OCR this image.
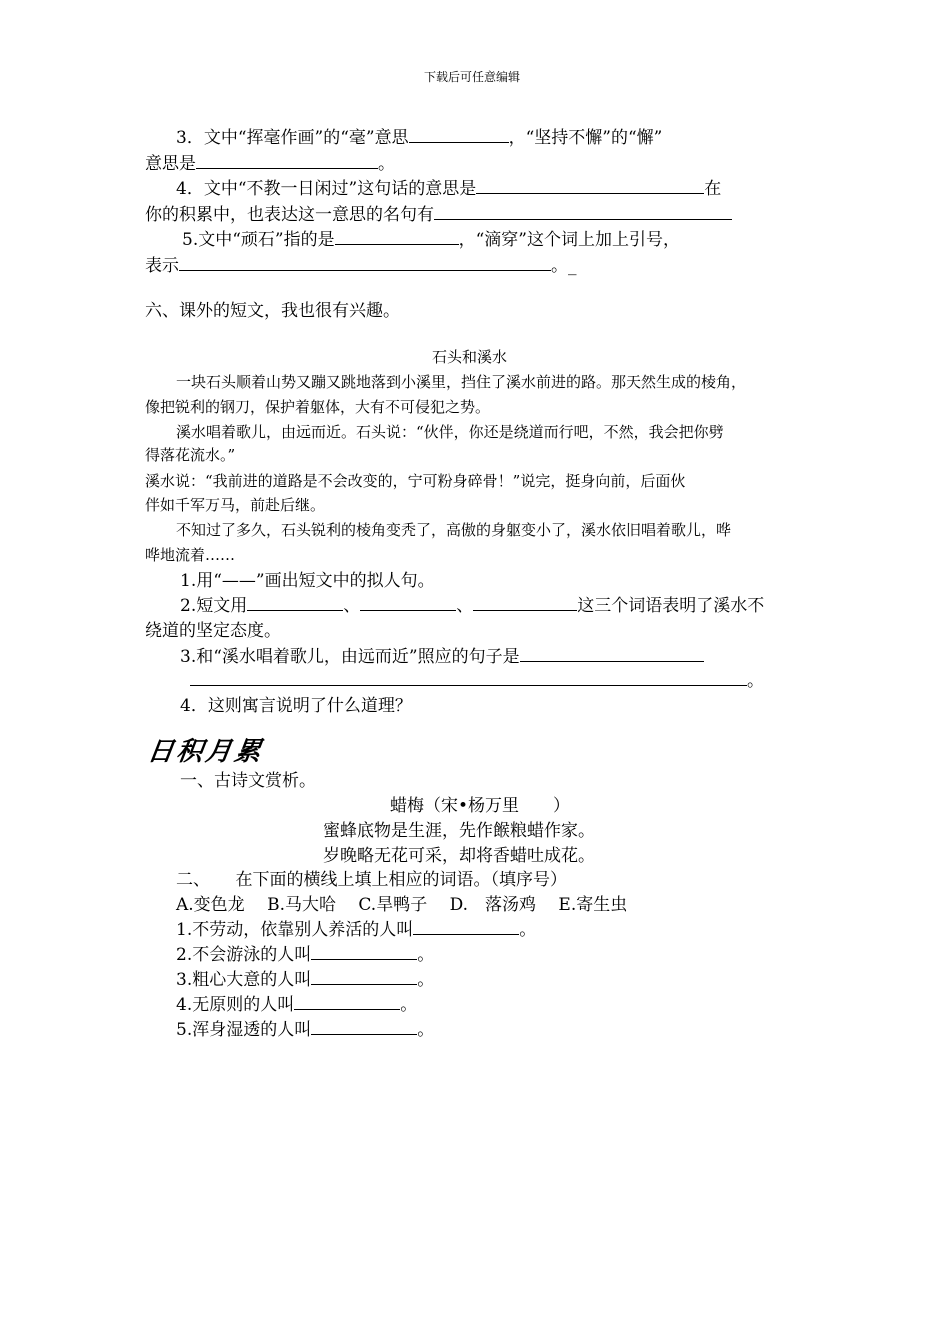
下载后可任意编辑
3．文中“挥毫作画”的“毫”意思	，“坚持不懈”的“懈”
意思是	。
4．文中“不教一日闲过”这句话的意思是	在
你的积累中，也表达这一意思的名句有
5.文中“顽石”指的是	，“滴穿”这个词上加上引号，
表示	。_
六、课外的短文，我也很有兴趣。
石头和溪水
一块石头顺着山势又蹦又跳地落到小溪里，挡住了溪水前进的路。那天然生成的棱角，
像把锐利的钢刀，保护着躯体，大有不可侵犯之势。
溪水唱着歌儿，由远而近。石头说：“伙伴，你还是绕道而行吧，不然，我会把你劈
得落花流水。”
溪水说：“我前进的道路是不会改变的，宁可粉身碎骨！”说完，挺身向前，后面伙
伴如千军万马，前赴后继。
不知过了多久，石头锐利的棱角变秃了，高傲的身躯变小了，溪水依旧唱着歌儿，哗
哗地流着……
1.用“——”画出短文中的拟人句。
2.短文用	、	、	这三个词语表明了溪水不
绕道的坚定态度。
3.和“溪水唱着歌儿，由远而近”照应的句子是
。
4．这则寓言说明了什么道理？
日积月累
一、古诗文赏析。
蜡梅（宋•杨万里　　）
蜜蜂底物是生涯，先作餱粮蜡作家。
岁晚略无花可采，却将香蜡吐成花。
二、　　在下面的横线上填上相应的词语。（填序号）
A.变色龙　 B.马大哈　 C.旱鸭子　 D.　落汤鸡　 E.寄生虫
1.不劳动，依靠别人养活的人叫	。
2.不会游泳的人叫	。
3.粗心大意的人叫	。
4.无原则的人叫	。
5.浑身湿透的人叫	。
